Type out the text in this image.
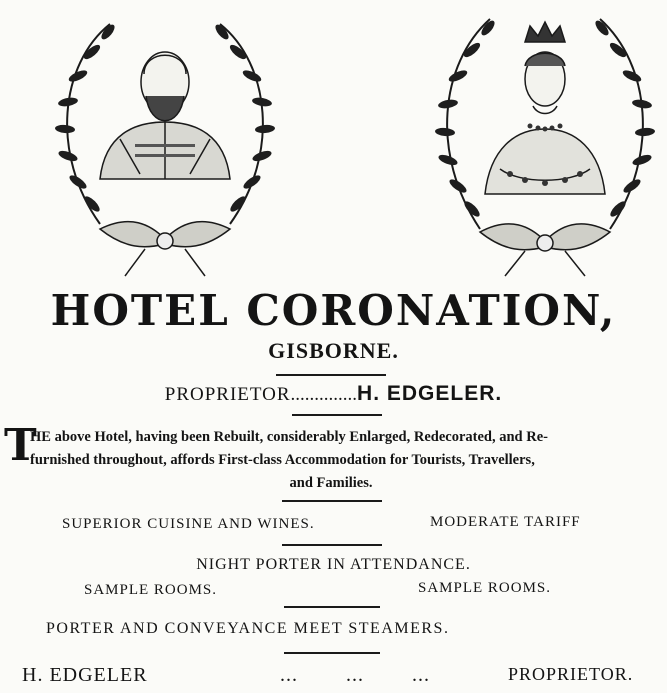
HOTEL CORONATION,
GISBORNE.
PROPRIETOR..............H. EDGELER.
T
HE above Hotel, having been Rebuilt, considerably Enlarged, Redecorated, and Re-
furnished throughout, affords First-class Accommodation for Tourists, Travellers,

and Families.
SUPERIOR CUISINE AND WINES.	MODERATE TARIFF
NIGHT PORTER IN ATTENDANCE.
SAMPLE ROOMS.	SAMPLE ROOMS.
PORTER AND CONVEYANCE MEET STEAMERS.
H. EDGELER	...        ...        ...	PROPRIETOR.
